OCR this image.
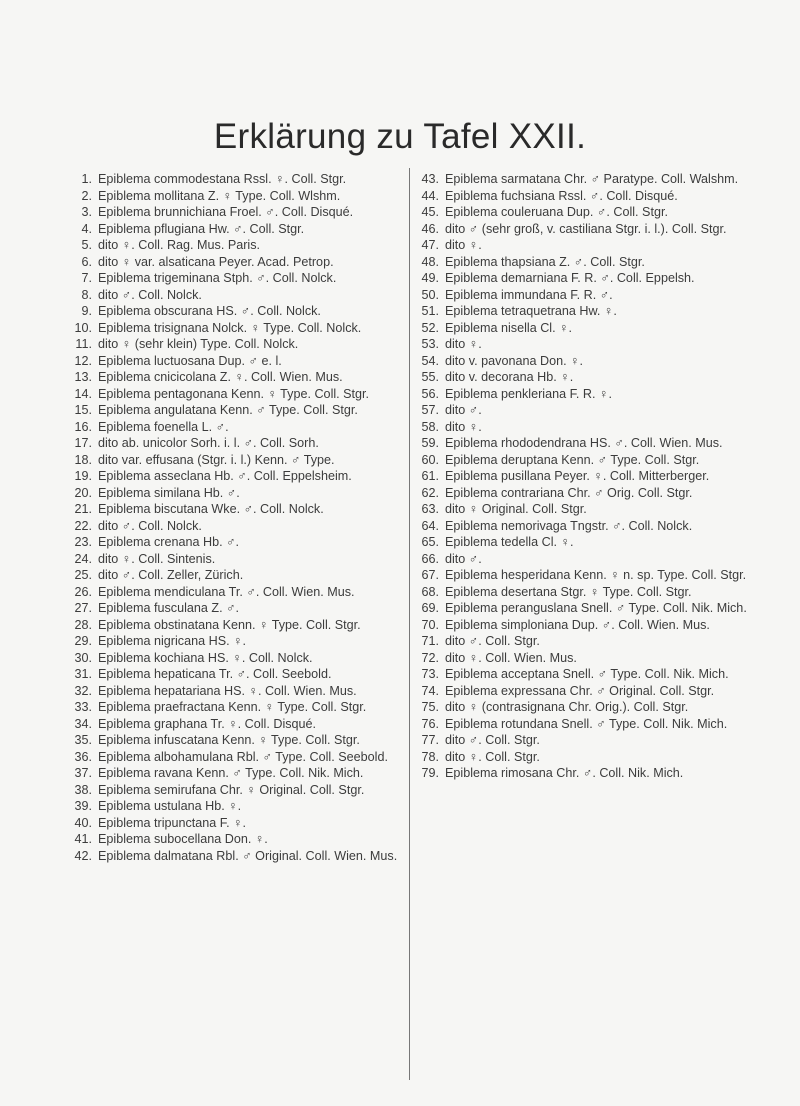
Erklärung zu Tafel XXII.
1. Epiblema commodestana Rssl. ♀. Coll. Stgr.
2. Epiblema mollitana Z. ♀ Type. Coll. Wlshm.
3. Epiblema brunnichiana Froel. ♂. Coll. Disqué.
4. Epiblema pflugiana Hw. ♂. Coll. Stgr.
5. dito ♀. Coll. Rag. Mus. Paris.
6. dito ♀ var. alsaticana Peyer. Acad. Petrop.
7. Epiblema trigeminana Stph. ♂. Coll. Nolck.
8. dito ♂. Coll. Nolck.
9. Epiblema obscurana HS. ♂. Coll. Nolck.
10. Epiblema trisignana Nolck. ♀ Type. Coll. Nolck.
11. dito ♀ (sehr klein) Type. Coll. Nolck.
12. Epiblema luctuosana Dup. ♂ e. l.
13. Epiblema cnicicolana Z. ♀. Coll. Wien. Mus.
14. Epiblema pentagonana Kenn. ♀ Type. Coll. Stgr.
15. Epiblema angulatana Kenn. ♂ Type. Coll. Stgr.
16. Epiblema foenella L. ♂.
17. dito ab. unicolor Sorh. i. l. ♂. Coll. Sorh.
18. dito var. effusana (Stgr. i. l.) Kenn. ♂ Type.
19. Epiblema asseclana Hb. ♂. Coll. Eppelsheim.
20. Epiblema similana Hb. ♂.
21. Epiblema biscutana Wke. ♂. Coll. Nolck.
22. dito ♂. Coll. Nolck.
23. Epiblema crenana Hb. ♂.
24. dito ♀. Coll. Sintenis.
25. dito ♂. Coll. Zeller, Zürich.
26. Epiblema mendiculana Tr. ♂. Coll. Wien. Mus.
27. Epiblema fusculana Z. ♂.
28. Epiblema obstinatana Kenn. ♀ Type. Coll. Stgr.
29. Epiblema nigricana HS. ♀.
30. Epiblema kochiana HS. ♀. Coll. Nolck.
31. Epiblema hepaticana Tr. ♂. Coll. Seebold.
32. Epiblema hepatariana HS. ♀. Coll. Wien. Mus.
33. Epiblema praefractana Kenn. ♀ Type. Coll. Stgr.
34. Epiblema graphana Tr. ♀. Coll. Disqué.
35. Epiblema infuscatana Kenn. ♀ Type. Coll. Stgr.
36. Epiblema albohamulana Rbl. ♂ Type. Coll. Seebold.
37. Epiblema ravana Kenn. ♂ Type. Coll. Nik. Mich.
38. Epiblema semirufana Chr. ♀ Original. Coll. Stgr.
39. Epiblema ustulana Hb. ♀.
40. Epiblema tripunctana F. ♀.
41. Epiblema subocellana Don. ♀.
42. Epiblema dalmatana Rbl. ♂ Original. Coll. Wien. Mus.
43. Epiblema sarmatana Chr. ♂ Paratype. Coll. Walshm.
44. Epiblema fuchsiana Rssl. ♂. Coll. Disqué.
45. Epiblema couleruana Dup. ♂. Coll. Stgr.
46. dito ♂ (sehr groß, v. castiliana Stgr. i. l.). Coll. Stgr.
47. dito ♀.
48. Epiblema thapsiana Z. ♂. Coll. Stgr.
49. Epiblema demarniana F. R. ♂. Coll. Eppelsh.
50. Epiblema immundana F. R. ♂.
51. Epiblema tetraquetrana Hw. ♀.
52. Epiblema nisella Cl. ♀.
53. dito ♀.
54. dito v. pavonana Don. ♀.
55. dito v. decorana Hb. ♀.
56. Epiblema penkleriana F. R. ♀.
57. dito ♂.
58. dito ♀.
59. Epiblema rhododendrana HS. ♂. Coll. Wien. Mus.
60. Epiblema deruptana Kenn. ♂ Type. Coll. Stgr.
61. Epiblema pusillana Peyer. ♀. Coll. Mitterberger.
62. Epiblema contrariana Chr. ♂ Orig. Coll. Stgr.
63. dito ♀ Original. Coll. Stgr.
64. Epiblema nemorivaga Tngstr. ♂. Coll. Nolck.
65. Epiblema tedella Cl. ♀.
66. dito ♂.
67. Epiblema hesperidana Kenn. ♀ n. sp. Type. Coll. Stgr.
68. Epiblema desertana Stgr. ♀ Type. Coll. Stgr.
69. Epiblema peranguslana Snell. ♂ Type. Coll. Nik. Mich.
70. Epiblema simploniana Dup. ♂. Coll. Wien. Mus.
71. dito ♂. Coll. Stgr.
72. dito ♀. Coll. Wien. Mus.
73. Epiblema acceptana Snell. ♂ Type. Coll. Nik. Mich.
74. Epiblema expressana Chr. ♂ Original. Coll. Stgr.
75. dito ♀ (contrasignana Chr. Orig.). Coll. Stgr.
76. Epiblema rotundana Snell. ♂ Type. Coll. Nik. Mich.
77. dito ♂. Coll. Stgr.
78. dito ♀. Coll. Stgr.
79. Epiblema rimosana Chr. ♂. Coll. Nik. Mich.
